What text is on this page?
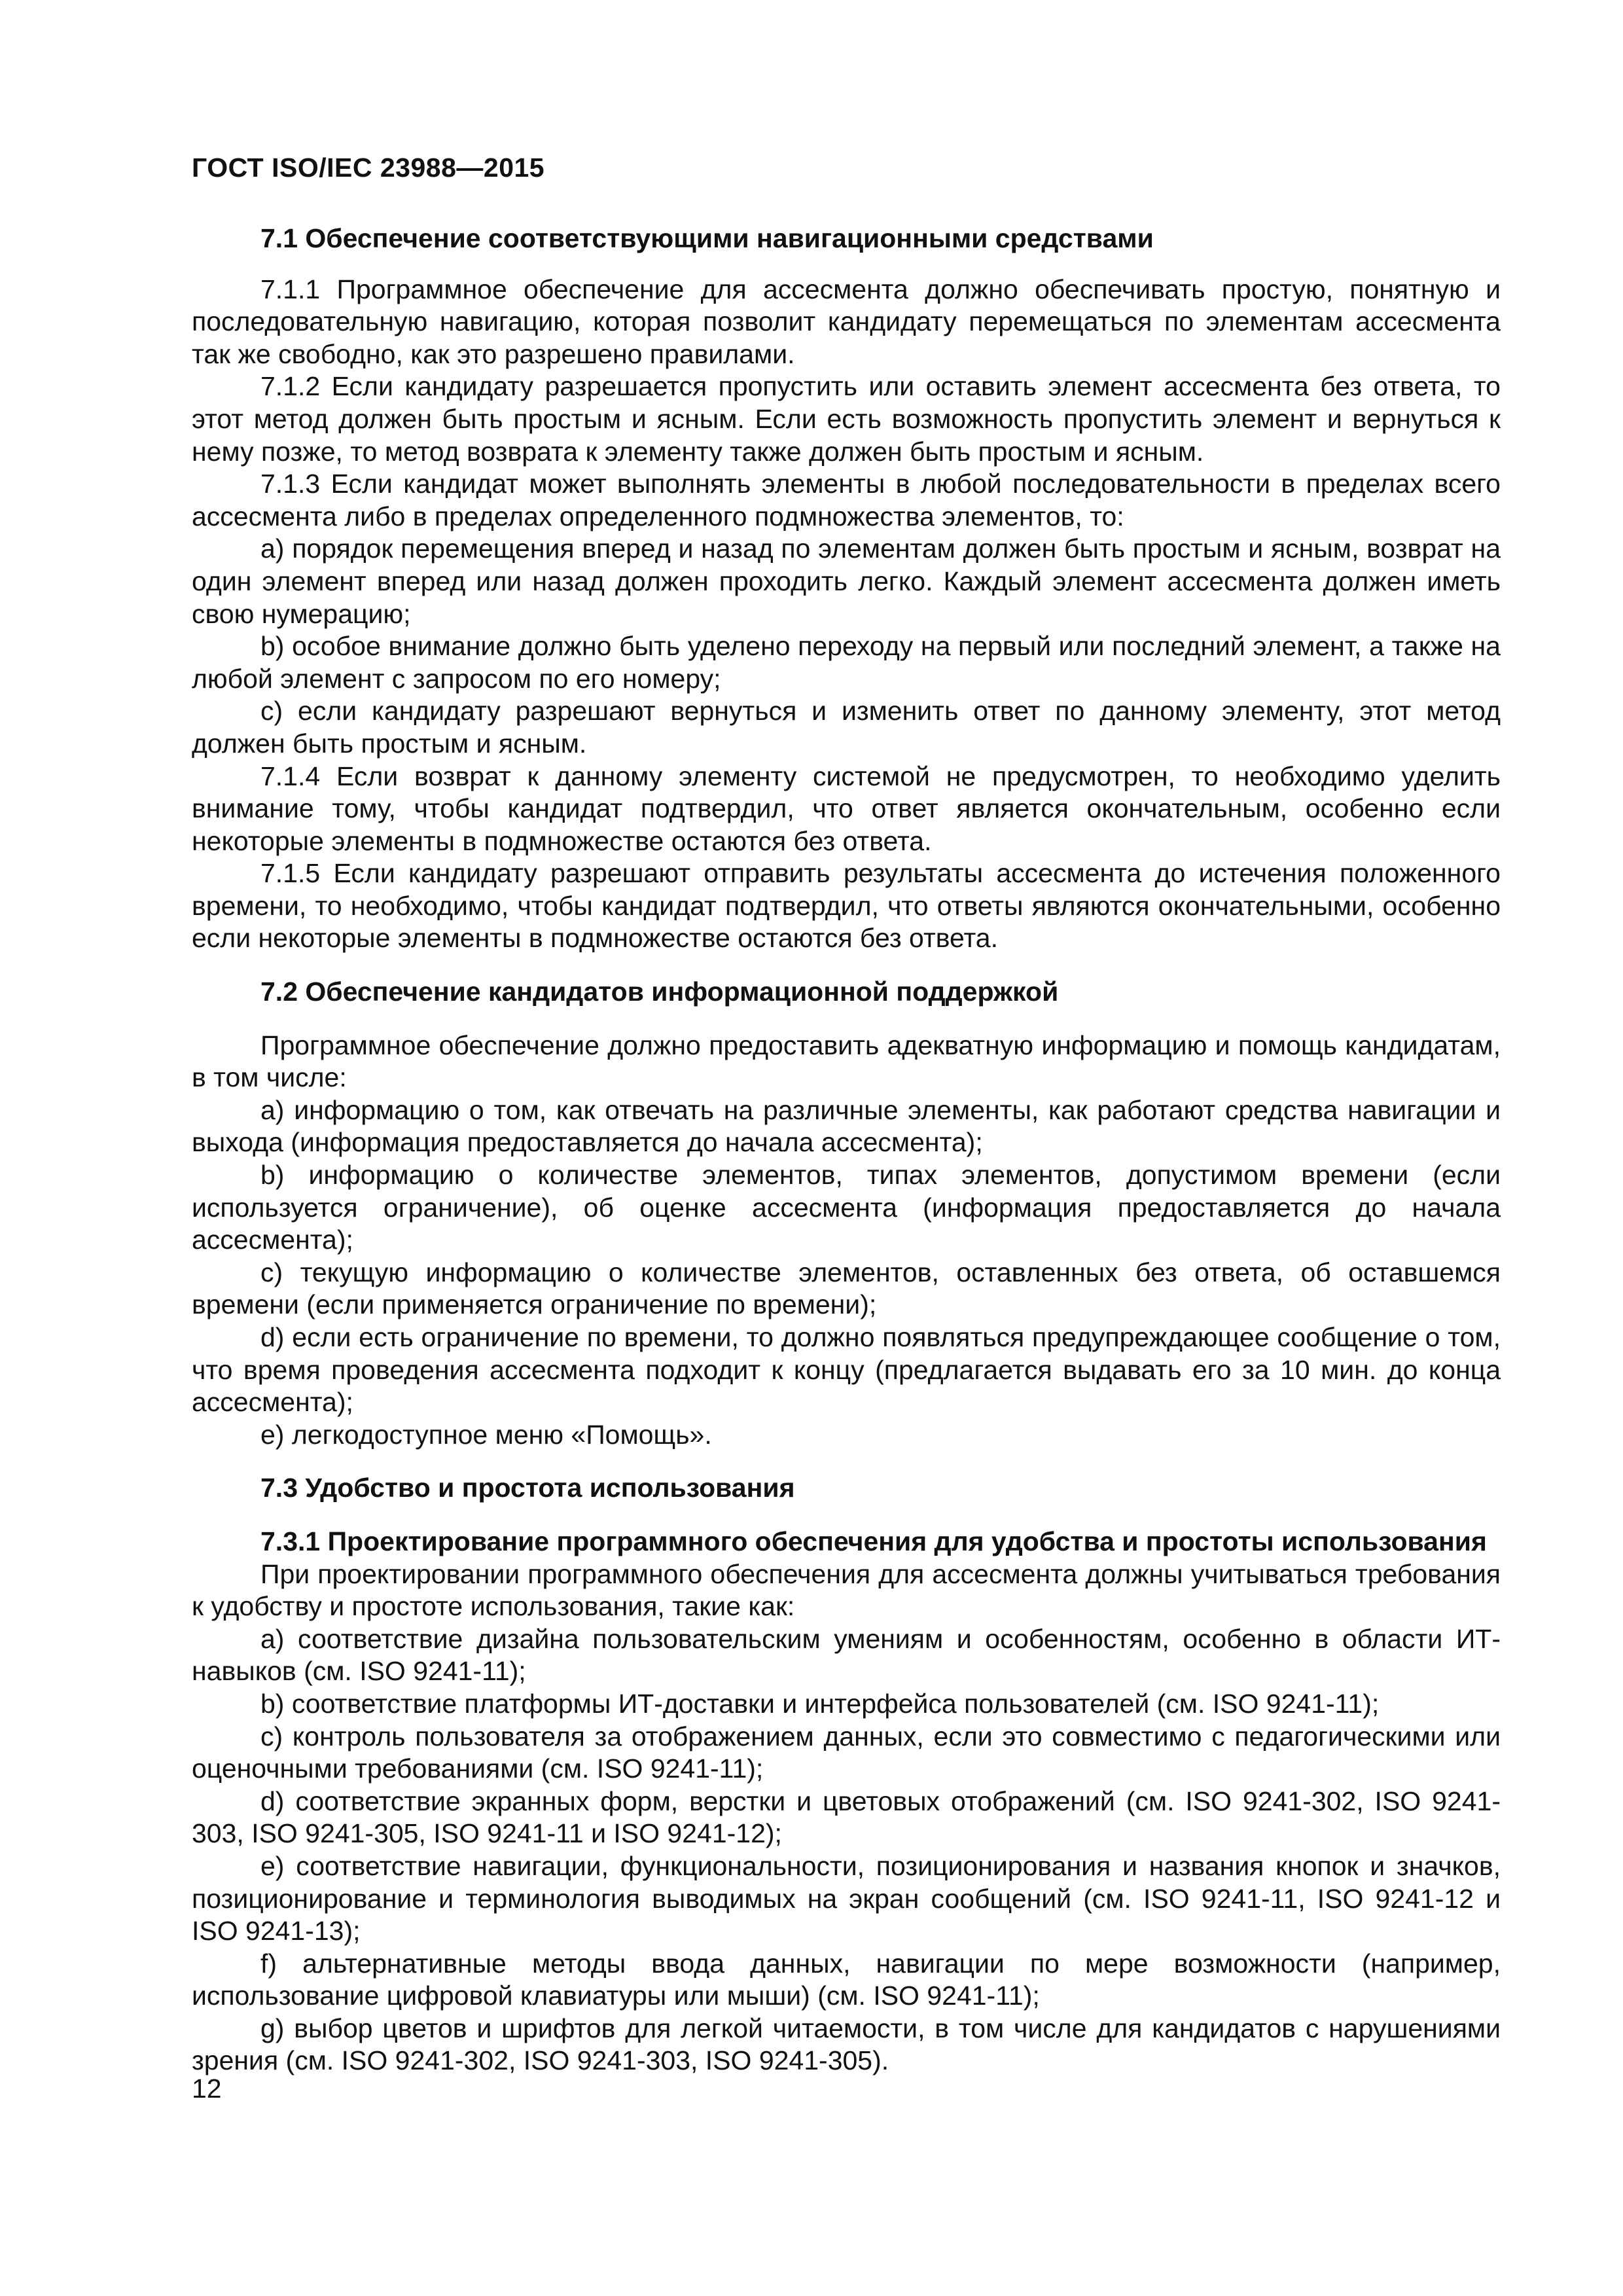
ГОСТ ISO/IEC 23988—2015
7.1 Обеспечение соответствующими навигационными средствами

7.1.1 Программное обеспечение для ассесмента должно обеспечивать простую, понятную и последовательную навигацию, которая позволит кандидату перемещаться по элементам ассесмента так же свободно, как это разрешено правилами.

7.1.2 Если кандидату разрешается пропустить или оставить элемент ассесмента без ответа, то этот метод должен быть простым и ясным. Если есть возможность пропустить элемент и вернуться к нему позже, то метод возврата к элементу также должен быть простым и ясным.

7.1.3 Если кандидат может выполнять элементы в любой последовательности в пределах всего ассесмента либо в пределах определенного подмножества элементов, то:

a) порядок перемещения вперед и назад по элементам должен быть простым и ясным, возврат на один элемент вперед или назад должен проходить легко. Каждый элемент ассесмента должен иметь свою нумерацию;

b) особое внимание должно быть уделено переходу на первый или последний элемент, а также на любой элемент с запросом по его номеру;

c) если кандидату разрешают вернуться и изменить ответ по данному элементу, этот метод должен быть простым и ясным.

7.1.4 Если возврат к данному элементу системой не предусмотрен, то необходимо уделить внимание тому, чтобы кандидат подтвердил, что ответ является окончательным, особенно если некоторые элементы в подмножестве остаются без ответа.

7.1.5 Если кандидату разрешают отправить результаты ассесмента до истечения положенного времени, то необходимо, чтобы кандидат подтвердил, что ответы являются окончательными, особенно если некоторые элементы в подмножестве остаются без ответа.

7.2 Обеспечение кандидатов информационной поддержкой

Программное обеспечение должно предоставить адекватную информацию и помощь кандидатам, в том числе:

a) информацию о том, как отвечать на различные элементы, как работают средства навигации и выхода (информация предоставляется до начала ассесмента);

b) информацию о количестве элементов, типах элементов, допустимом времени (если используется ограничение), об оценке ассесмента (информация предоставляется до начала ассесмента);

c) текущую информацию о количестве элементов, оставленных без ответа, об оставшемся времени (если применяется ограничение по времени);

d) если есть ограничение по времени, то должно появляться предупреждающее сообщение о том, что время проведения ассесмента подходит к концу (предлагается выдавать его за 10 мин. до конца ассесмента);

e) легкодоступное меню «Помощь».

7.3 Удобство и простота использования
7.3.1 Проектирование программного обеспечения для удобства и простоты использования

При проектировании программного обеспечения для ассесмента должны учитываться требования к удобству и простоте использования, такие как:

a) соответствие дизайна пользовательским умениям и особенностям, особенно в области ИТ-навыков (см. ISO 9241-11);

b) соответствие платформы ИТ-доставки и интерфейса пользователей (см. ISO 9241-11);

c) контроль пользователя за отображением данных, если это совместимо с педагогическими или оценочными требованиями (см. ISO 9241-11);

d) соответствие экранных форм, верстки и цветовых отображений (см. ISO 9241-302, ISO 9241-303, ISO 9241-305, ISO 9241-11 и ISO 9241-12);

e) соответствие навигации, функциональности, позиционирования и названия кнопок и значков, позиционирование и терминология выводимых на экран сообщений (см. ISO 9241-11, ISO 9241-12 и ISO 9241-13);

f) альтернативные методы ввода данных, навигации по мере возможности (например, использование цифровой клавиатуры или мыши) (см. ISO 9241-11);

g) выбор цветов и шрифтов для легкой читаемости, в том числе для кандидатов с нарушениями зрения (см. ISO 9241-302, ISO 9241-303, ISO 9241-305).

12
